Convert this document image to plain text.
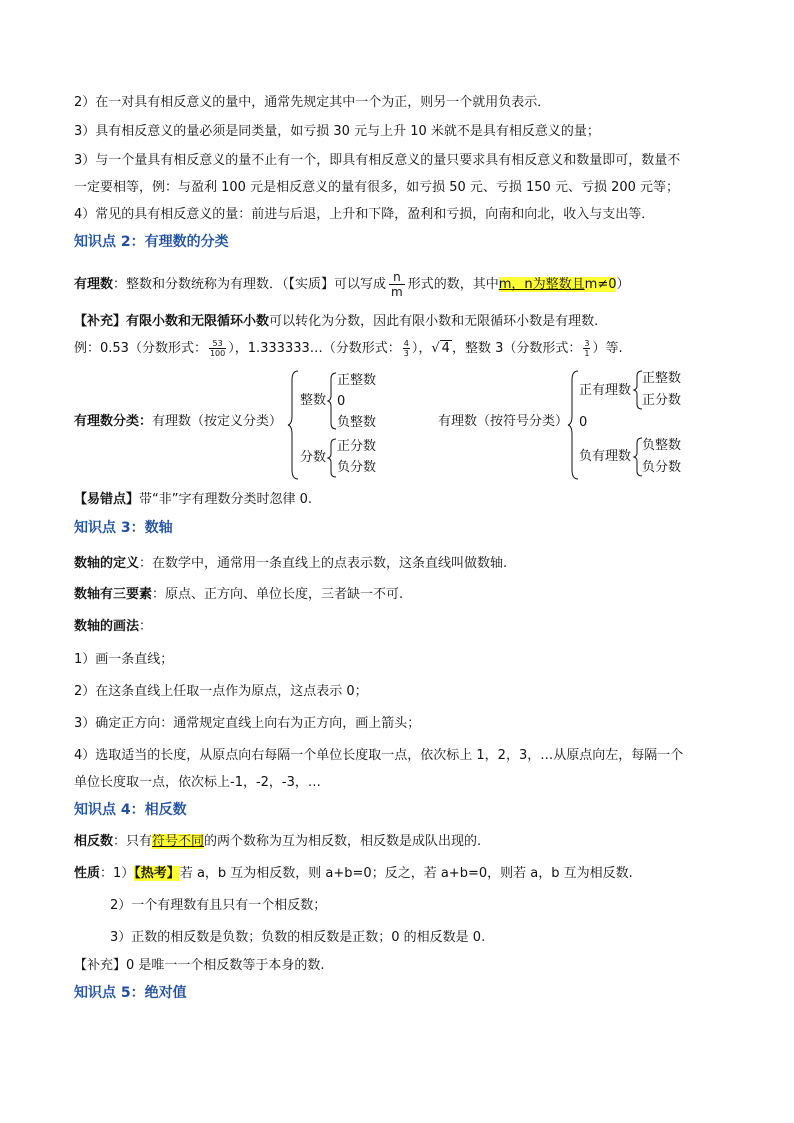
2）在一对具有相反意义的量中，通常先规定其中一个为正，则另一个就用负表示．
3）具有相反意义的量必须是同类量，如亏损 30 元与上升 10 米就不是具有相反意义的量；
3）与一个量具有相反意义的量不止有一个，即具有相反意义的量只要求具有相反意义和数量即可，数量不
一定要相等，例：与盈利 100 元是相反意义的量有很多，如亏损 50 元、亏损 150 元、亏损 200 元等；
4）常见的具有相反意义的量：前进与后退，上升和下降，盈利和亏损，向南和向北，收入与支出等．
知识点 2：有理数的分类
有理数：整数和分数统称为有理数．（【实质】可以写成 $\frac{n}{m}$ 形式的数，其中m，n为整数且m≠0）
【补充】有限小数和无限循环小数可以转化为分数，因此有限小数和无限循环小数是有理数.
例：0.53（分数形式： $\frac{53}{100}$ ），1.333333…（分数形式： $\frac{4}{3}$ ），√ 4 ，整数 3（分数形式： $\frac{3}{1}$ ）等.
有理数分类：有理数（按定义分类）
整数
正整数
0
负整数
分数
正分数
负分数
有理数（按符号分类）
正有理数
正整数
正分数
0
负有理数
负整数
负分数
【易错点】带“非”字有理数分类时忽律 0.
知识点 3：数轴
数轴的定义：在数学中，通常用一条直线上的点表示数，这条直线叫做数轴.
数轴有三要素：原点、正方向、单位长度，三者缺一不可.
数轴的画法：
1）画一条直线；
2）在这条直线上任取一点作为原点，这点表示 0；
3）确定正方向：通常规定直线上向右为正方向，画上箭头；
4）选取适当的长度，从原点向右每隔一个单位长度取一点，依次标上 1，2，3，…从原点向左，每隔一个
单位长度取一点，依次标上-1，-2，-3，…
知识点 4：相反数
相反数：只有符号不同的两个数称为互为相反数，相反数是成队出现的.
性质：1）【热考】若 a，b 互为相反数，则 a+b=0；反之，若 a+b=0，则若 a，b 互为相反数.
2）一个有理数有且只有一个相反数；
3）正数的相反数是负数；负数的相反数是正数；0 的相反数是 0.
【补充】0 是唯一一个相反数等于本身的数.
知识点 5：绝对值
